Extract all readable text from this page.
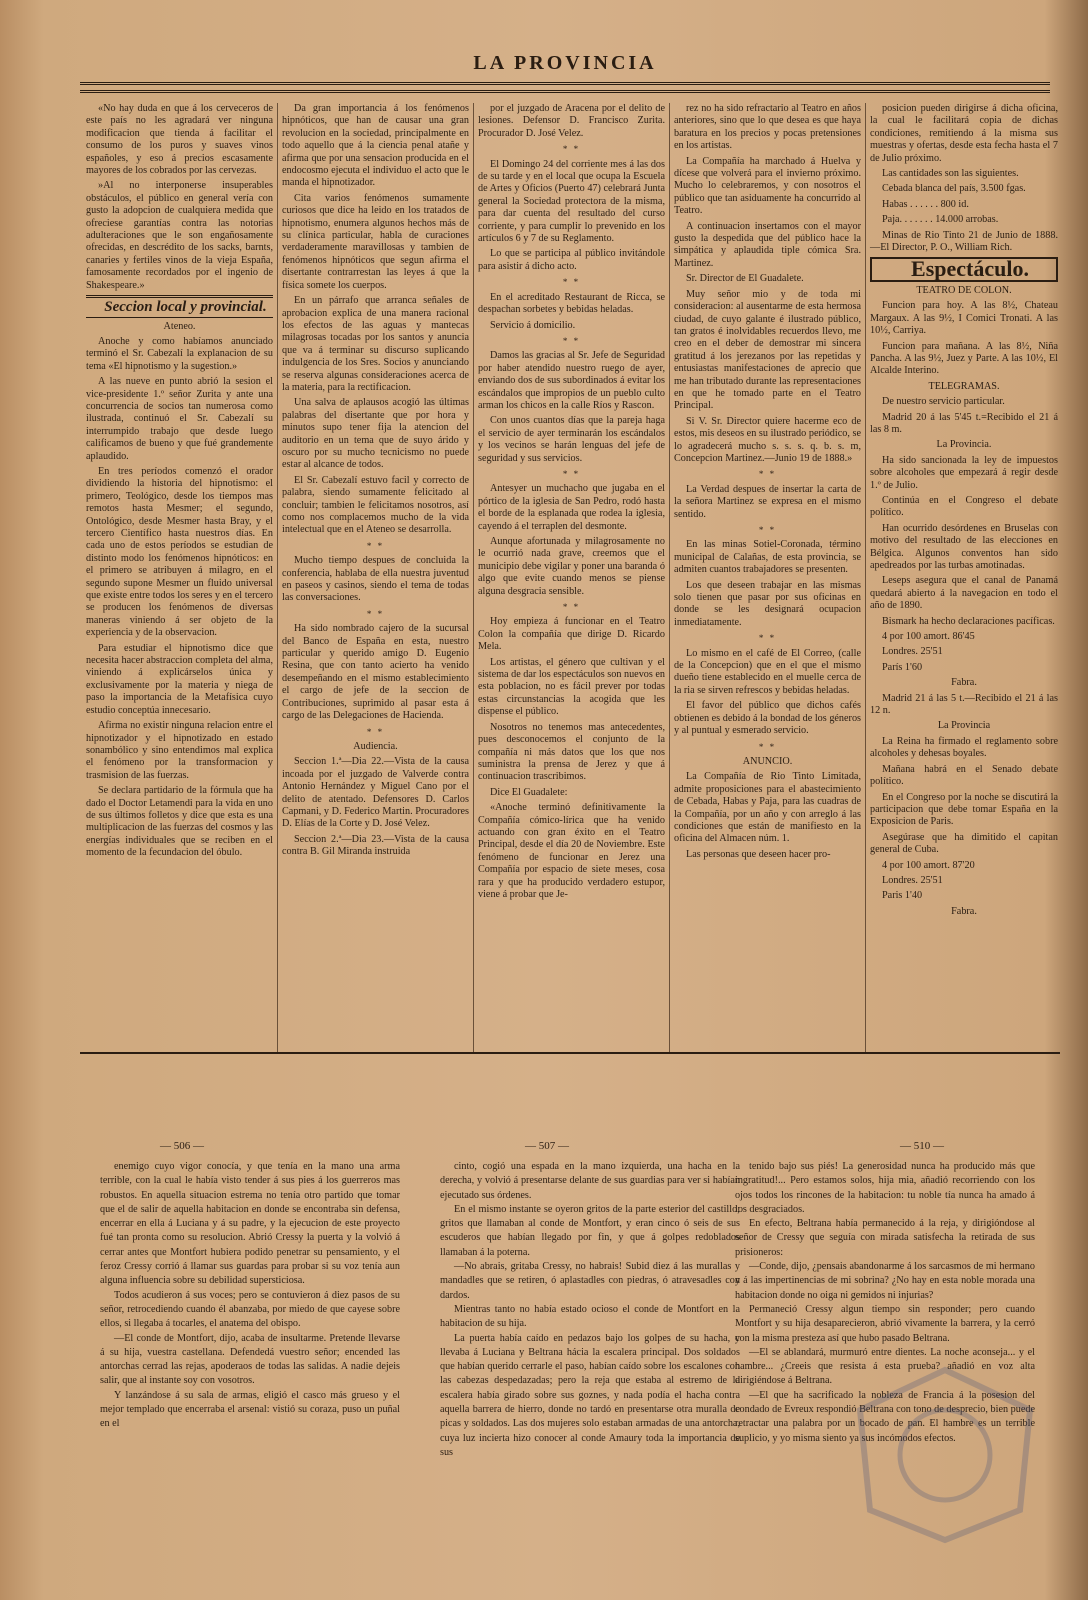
LA PROVINCIA

«No hay duda en que á los cerveceros de este país no les agradará ver ninguna modificacion que tienda á facilitar el consumo de los puros y suaves vinos españoles, y eso á precios escasamente mayores de los cobrados por las cervezas.

»Al no interponerse insuperables obstáculos, el público en general vería con gusto la adopcion de cualquiera medida que ofreciese garantías contra las notorias adulteraciones que le son engañosamente ofrecidas, en descrédito de los sacks, barnts, canaries y fertiles vinos de la vieja España, famosamente recordados por el ingenio de Shakespeare.»

Seccion local y provincial.

Ateneo.

Anoche y como habíamos anunciado terminó el Sr. Cabezalí la explanacion de su tema «El hipnotismo y la sugestion.»

A las nueve en punto abrió la sesion el vice-presidente 1.º señor Zurita y ante una concurrencia de socios tan numerosa como ilustrada, continuó el Sr. Cabezalí su interrumpido trabajo que desde luego calificamos de bueno y que fué grandemente aplaudido.

En tres períodos comenzó el orador dividiendo la historia del hipnotismo: el primero, Teológico, desde los tiempos mas remotos hasta Mesmer; el segundo, Ontológico, desde Mesmer hasta Bray, y el tercero Científico hasta nuestros días. En cada uno de estos períodos se estudian de distinto modo los fenómenos hipnóticos: en el primero se atribuyen á milagro, en el segundo supone Mesmer un fluido universal que existe entre todos los seres y en el tercero se producen los fenómenos de diversas maneras viniendo á ser objeto de la experiencia y de la observacion.

Para estudiar el hipnotismo dice que necesita hacer abstraccion completa del alma, viniendo á explicárselos única y exclusivamente por la materia y niega de paso la importancia de la Metafísica cuyo estudio conceptúa innecesario.

Afirma no existir ninguna relacion entre el hipnotizador y el hipnotizado en estado sonambólico y sino entendimos mal explica el fenómeno por la transformacion y trasmision de las fuerzas.

Se declara partidario de la fórmula que ha dado el Doctor Letamendi para la vida en uno de sus últimos folletos y dice que esta es una multiplicacion de las fuerzas del cosmos y las energías individuales que se reciben en el momento de la fecundacion del óbulo.

Da gran importancia á los fenómenos hipnóticos, que han de causar una gran revolucion en la sociedad, principalmente en todo aquello que á la ciencia penal atañe y afirma que por una sensacion producida en el endocosmo ejecuta el individuo el acto que le manda el hipnotizador.

Cita varios fenómenos sumamente curiosos que dice ha leido en los tratados de hipnotismo, enumera algunos hechos más de su clínica particular, habla de curaciones verdaderamente maravillosas y tambien de fenómenos hipnóticos que segun afirma el disertante contrarrestan las leyes á que la física somete los cuerpos.

En un párrafo que arranca señales de aprobacion explica de una manera racional los efectos de las aguas y mantecas milagrosas tocadas por los santos y anuncia que va á terminar su discurso suplicando indulgencia de los Sres. Socios y anunciando se reserva algunas consideraciones acerca de la materia, para la rectificacion.

Una salva de aplausos acogió las últimas palabras del disertante que por hora y minutos supo tener fija la atencion del auditorio en un tema que de suyo árido y oscuro por su mucho tecnicismo no puede estar al alcance de todos.

El Sr. Cabezalí estuvo facil y correcto de palabra, siendo sumamente felicitado al concluir; tambien le felicitamos nosotros, así como nos complacemos mucho de la vida intelectual que en el Ateneo se desarrolla.

* *

Mucho tiempo despues de concluida la conferencia, hablaba de ella nuestra juventud en paseos y casinos, siendo el tema de todas las conversaciones.

* *

Ha sido nombrado cajero de la sucursal del Banco de España en esta, nuestro particular y querido amigo D. Eugenio Resina, que con tanto acierto ha venido desempeñando en el mismo establecimiento el cargo de jefe de la seccion de Contribuciones, suprimido al pasar esta á cargo de las Delegaciones de Hacienda.

* *

Audiencia.

Seccion 1.ª—Dia 22.—Vista de la causa incoada por el juzgado de Valverde contra Antonio Hernández y Miguel Cano por el delito de atentado. Defensores D. Carlos Capmani, y D. Federico Martin. Procuradores D. Elías de la Corte y D. José Velez.

Seccion 2.ª—Dia 23.—Vista de la causa contra B. Gil Miranda instruida

por el juzgado de Aracena por el delito de lesiones. Defensor D. Francisco Zurita. Procurador D. José Velez.

* *

El Domingo 24 del corriente mes á las dos de su tarde y en el local que ocupa la Escuela de Artes y Oficios (Puerto 47) celebrará Junta general la Sociedad protectora de la misma, para dar cuenta del resultado del curso corriente, y para cumplir lo prevenido en los artículos 6 y 7 de su Reglamento.

Lo que se participa al público invitándole para asistir á dicho acto.

* *

En el acreditado Restaurant de Ricca, se despachan sorbetes y bebidas heladas.

Servicio á domicilio.

* *

Damos las gracias al Sr. Jefe de Seguridad por haber atendido nuestro ruego de ayer, enviando dos de sus subordinados á evitar los escándalos que impropios de un pueblo culto arman los chicos en la calle Ríos y Rascon.

Con unos cuantos días que la pareja haga el servicio de ayer terminarán los escándalos y los vecinos se harán lenguas del jefe de seguridad y sus servicios.

* *

Antesyer un muchacho que jugaba en el pórtico de la iglesia de San Pedro, rodó hasta el borde de la esplanada que rodea la iglesia, cayendo á el terraplen del desmonte.

Aunque afortunada y milagrosamente no le ocurrió nada grave, creemos que el municipio debe vigilar y poner una baranda ó algo que evite cuando menos se piense alguna desgracia sensible.

* *

Hoy empieza á funcionar en el Teatro Colon la compañía que dirige D. Ricardo Mela.

Los artistas, el género que cultivan y el sistema de dar los espectáculos son nuevos en esta poblacion, no es fácil prever por todas estas circunstancias la acogida que les dispense el público.

Nosotros no tenemos mas antecedentes, pues desconocemos el conjunto de la compañía ni más datos que los que nos suministra la prensa de Jerez y que á continuacion trascribimos.

Dice El Guadalete:

«Anoche terminó definitivamente la Compañía cómico-lírica que ha venido actuando con gran éxito en el Teatro Principal, desde el día 20 de Noviembre. Este fenómeno de funcionar en Jerez una Compañía por espacio de siete meses, cosa rara y que ha producido verdadero estupor, viene á probar que Je-

rez no ha sido refractario al Teatro en años anteriores, sino que lo que desea es que haya baratura en los precios y pocas pretensiones en los artistas.

La Compañía ha marchado á Huelva y dícese que volverá para el invierno próximo. Mucho lo celebraremos, y con nosotros el público que tan asiduamente ha concurrido al Teatro.

A continuacion insertamos con el mayor gusto la despedida que del público hace la simpática y aplaudida tiple cómica Sra. Martinez.

Sr. Director de El Guadalete.

Muy señor mio y de toda mi consideracion: al ausentarme de esta hermosa ciudad, de cuyo galante é ilustrado público, tan gratos é inolvidables recuerdos llevo, me creo en el deber de demostrar mi sincera gratitud á los jerezanos por las repetidas y entusiastas manifestaciones de aprecio que me han tributado durante las representaciones en que he tomado parte en el Teatro Principal.

Si V. Sr. Director quiere hacerme eco de estos, mis deseos en su ilustrado periódico, se lo agradecerá mucho s. s. s. q. b. s. m, Concepcion Martinez.—Junio 19 de 1888.»

* *

La Verdad despues de insertar la carta de la señora Martinez se expresa en el mismo sentido.

* *

En las minas Sotiel-Coronada, término municipal de Calañas, de esta provincia, se admiten cuantos trabajadores se presenten.

Los que deseen trabajar en las mismas solo tienen que pasar por sus oficinas en donde se les designará ocupacion inmediatamente.

* *

Lo mismo en el café de El Correo, (calle de la Concepcion) que en el que el mismo dueño tiene establecido en el muelle cerca de la ria se sirven refrescos y bebidas heladas.

El favor del público que dichos cafés obtienen es debido á la bondad de los géneros y al puntual y esmerado servicio.

* *

ANUNCIO.

La Compañía de Rio Tinto Limitada, admite proposiciones para el abastecimiento de Cebada, Habas y Paja, para las cuadras de la Compañía, por un año y con arreglo á las condiciones que están de manifiesto en la oficina del Almacen núm. 1.

Las personas que deseen hacer pro-

posicion pueden dirigirse á dicha oficina, la cual le facilitará copia de dichas condiciones, remitiendo á la misma sus muestras y ofertas, desde esta fecha hasta el 7 de Julio próximo.

Las cantidades son las siguientes.

Cebada blanca del país, 3.500 fgas.

Habas . . . . . . 800 id.

Paja. . . . . . . 14.000 arrobas.

Minas de Rio Tinto 21 de Junio de 1888.—El Director, P. O., William Rich.

Espectáculo.

TEATRO DE COLON.

Funcion para hoy. A las 8½, Chateau Margaux. A las 9½, I Comici Tronati. A las 10½, Carriya.

Funcion para mañana. A las 8½, Niña Pancha. A las 9½, Juez y Parte. A las 10½, El Alcalde Interino.

TELEGRAMAS.

De nuestro servicio particular.

Madrid 20 á las 5'45 t.=Recibido el 21 á las 8 m.

La Provincia.

Ha sido sancionada la ley de impuestos sobre alcoholes que empezará á regir desde 1.º de Julio.

Continúa en el Congreso el debate político.

Han ocurrido desórdenes en Bruselas con motivo del resultado de las elecciones en Bélgica. Algunos conventos han sido apedreados por las turbas amotinadas.

Leseps asegura que el canal de Panamá quedará abierto á la navegacion en todo el año de 1890.

Bismark ha hecho declaraciones pacíficas.

4 por 100 amort. 86'45

Londres. 25'51

París 1'60

Fabra.

Madrid 21 á las 5 t.—Recibido el 21 á las 12 n.

La Provincia

La Reina ha firmado el reglamento sobre alcoholes y dehesas boyales.

Mañana habrá en el Senado debate político.

En el Congreso por la noche se discutirá la participacion que debe tomar España en la Exposicion de Paris.

Asegúrase que ha dimitido el capitan general de Cuba.

4 por 100 amort. 87'20

Londres. 25'51

Paris 1'40

Fabra.

— 506 —	— 507 —	— 510 —

enemigo cuyo vigor conocía, y que tenía en la mano una arma terrible, con la cual le había visto tender á sus pies á los guerreros mas robustos. En aquella situacion estrema no tenía otro partido que tomar que el de salir de aquella habitacion en donde se encontraba sin defensa, encerrar en ella á Luciana y á su padre, y la ejecucion de este proyecto fué tan pronta como su resolucion. Abrió Cressy la puerta y la volvió á cerrar antes que Montfort hubiera podido penetrar su pensamiento, y el feroz Cressy corrió á llamar sus guardas para probar si su voz tenía aun alguna influencia sobre su debilidad supersticiosa.

Todos acudieron á sus voces; pero se contuvieron á diez pasos de su señor, retrocediendo cuando él abanzaba, por miedo de que cayese sobre ellos, si llegaba á tocarles, el anatema del obispo.

—El conde de Montfort, dijo, acaba de insultarme. Pretende llevarse á su hija, vuestra castellana. Defendedá vuestro señor; encended las antorchas cerrad las rejas, apoderaos de todas las salidas. A nadie dejeis salir, que al instante soy con vosotros.

Y lanzándose á su sala de armas, eligió el casco más grueso y el mejor templado que encerraba el arsenal: vistió su coraza, puso un puñal en el

cinto, cogió una espada en la mano izquierda, una hacha en la derecha, y volvió á presentarse delante de sus guardias para ver si habían ejecutado sus órdenes.

En el mismo instante se oyeron gritos de la parte esterior del castillo; gritos que llamaban al conde de Montfort, y eran cinco ó seis de sus escuderos que habían llegado por fin, y que á golpes redoblados llamaban á la poterna.

—No abrais, gritaba Cressy, no habrais! Subid diez á las murallas y mandadles que se retiren, ó aplastadles con piedras, ó atravesadles con dardos.

Mientras tanto no había estado ocioso el conde de Montfort en la habitacion de su hija.

La puerta había caído en pedazos bajo los golpes de su hacha, y llevaba á Luciana y Beltrana hácia la escalera principal. Dos soldados que habían querido cerrarle el paso, habían caído sobre los escalones con las cabezas despedazadas; pero la reja que estaba al estremo de la escalera había girado sobre sus goznes, y nada podía el hacha contra aquella barrera de hierro, donde no tardó en presentarse otra muralla de picas y soldados. Las dos mujeres solo estaban armadas de una antorcha, cuya luz incierta hizo conocer al conde Amaury toda la importancia de sus

tenido bajo sus piés! La generosidad nunca ha producido más que ingratitud!... Pero estamos solos, hija mia, añadió recorriendo con los ojos todos los rincones de la habitacion: tu noble tía nunca ha amado á los desgraciados.

En efecto, Beltrana había permanecido á la reja, y dirigióndose al señor de Cressy que seguía con mirada satisfecha la retirada de sus prisioneros:

—Conde, dijo, ¿pensais abandonarme á los sarcasmos de mi hermano y á las impertinencias de mi sobrina? ¿No hay en esta noble morada una habitacion donde no oiga ni gemidos ni injurias?

Permaneció Cressy algun tiempo sin responder; pero cuando Montfort y su hija desaparecieron, abrió vivamente la barrera, y la cerró con la misma presteza así que hubo pasado Beltrana.

—El se ablandará, murmuró entre dientes. La noche aconseja... y el hambre... ¿Creeis que resista á esta prueba? añadió en voz alta dirigiéndose á Beltrana.

—El que ha sacrificado la nobleza de Francia á la posesion del condado de Evreux respondió Beltrana con tono de desprecio, bien puede retractar una palabra por un bocado de pan. El hambre es un terrible suplicio, y yo misma siento ya sus incómodos efectos.
